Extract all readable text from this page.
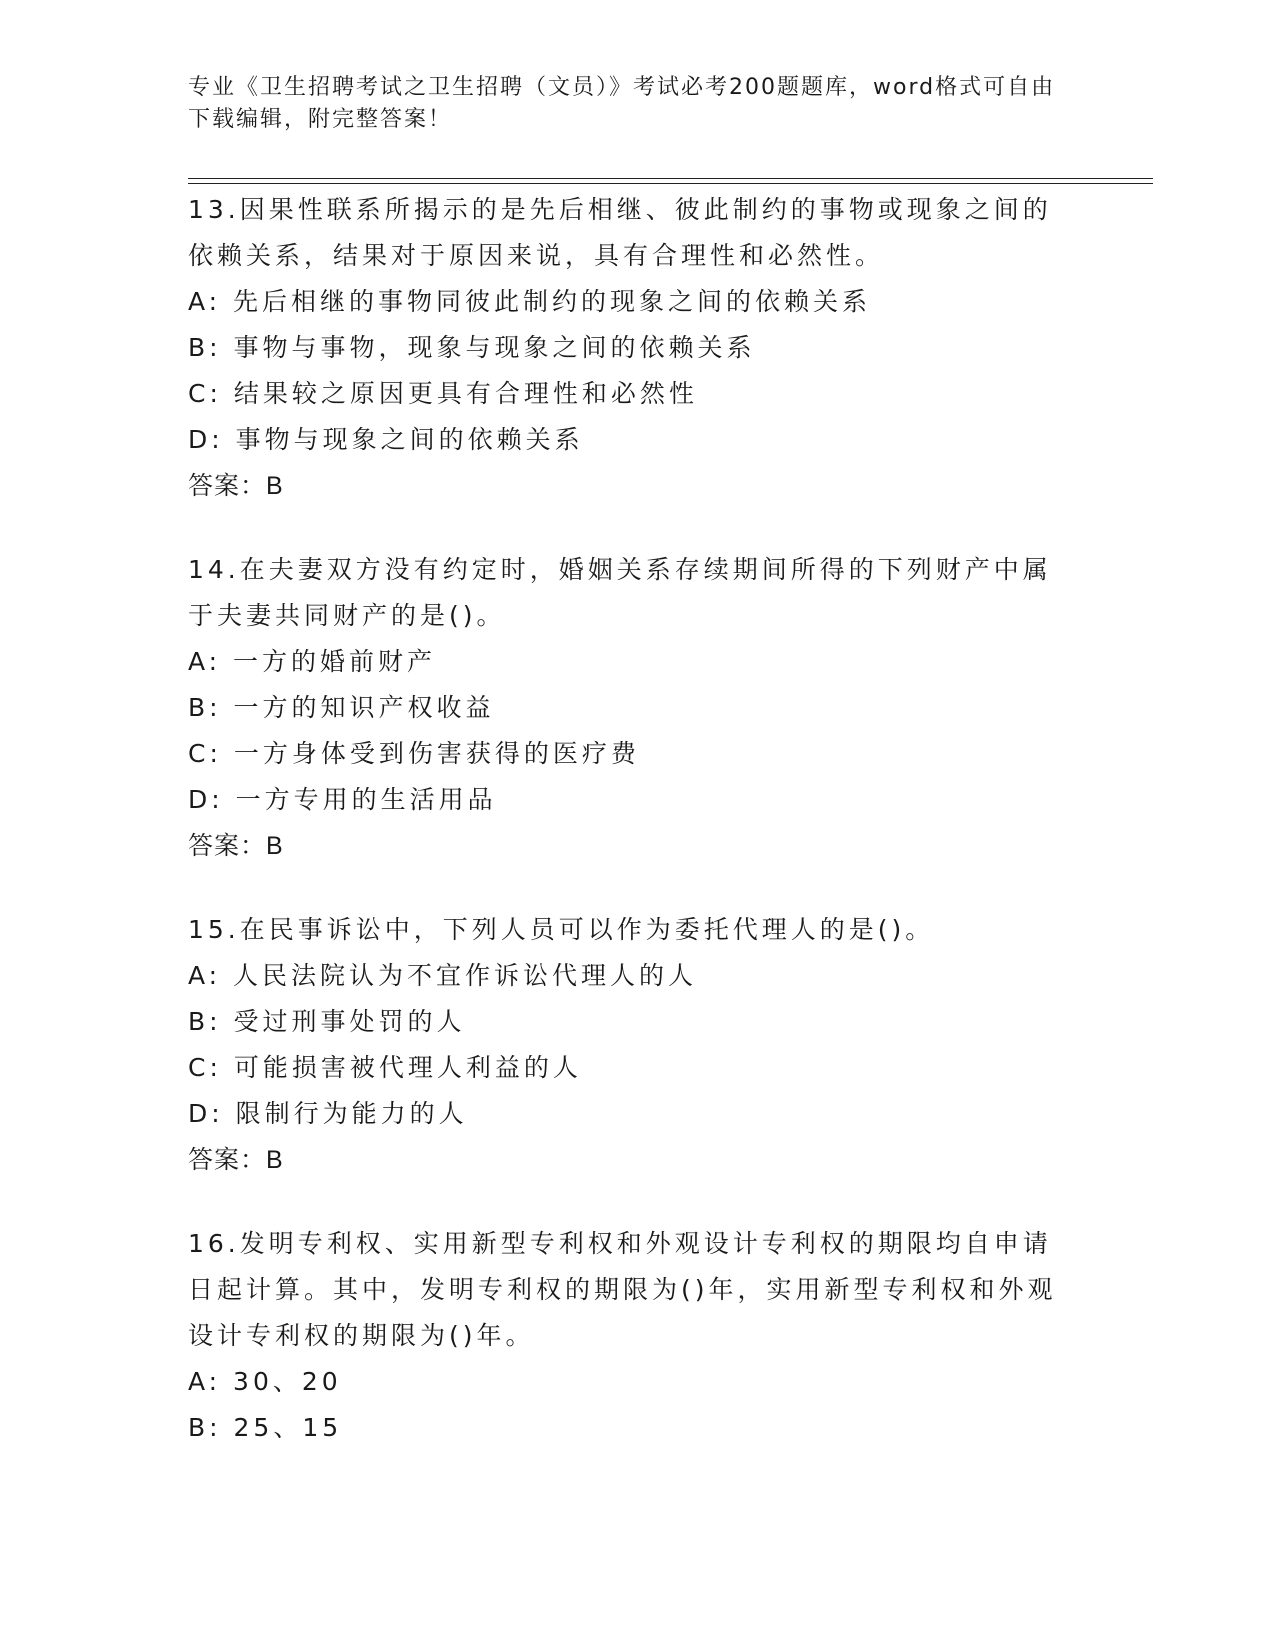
专业《卫生招聘考试之卫生招聘（文员）》考试必考200题题库，word格式可自由下载编辑，附完整答案！
13.因果性联系所揭示的是先后相继、彼此制约的事物或现象之间的依赖关系，结果对于原因来说，具有合理性和必然性。
A: 先后相继的事物同彼此制约的现象之间的依赖关系
B: 事物与事物，现象与现象之间的依赖关系
C: 结果较之原因更具有合理性和必然性
D: 事物与现象之间的依赖关系
答案：B
14.在夫妻双方没有约定时，婚姻关系存续期间所得的下列财产中属于夫妻共同财产的是()。
A: 一方的婚前财产
B: 一方的知识产权收益
C: 一方身体受到伤害获得的医疗费
D: 一方专用的生活用品
答案：B
15.在民事诉讼中，下列人员可以作为委托代理人的是()。
A: 人民法院认为不宜作诉讼代理人的人
B: 受过刑事处罚的人
C: 可能损害被代理人利益的人
D: 限制行为能力的人
答案：B
16.发明专利权、实用新型专利权和外观设计专利权的期限均自申请日起计算。其中，发明专利权的期限为()年，实用新型专利权和外观设计专利权的期限为()年。
A: 30、20
B: 25、15
